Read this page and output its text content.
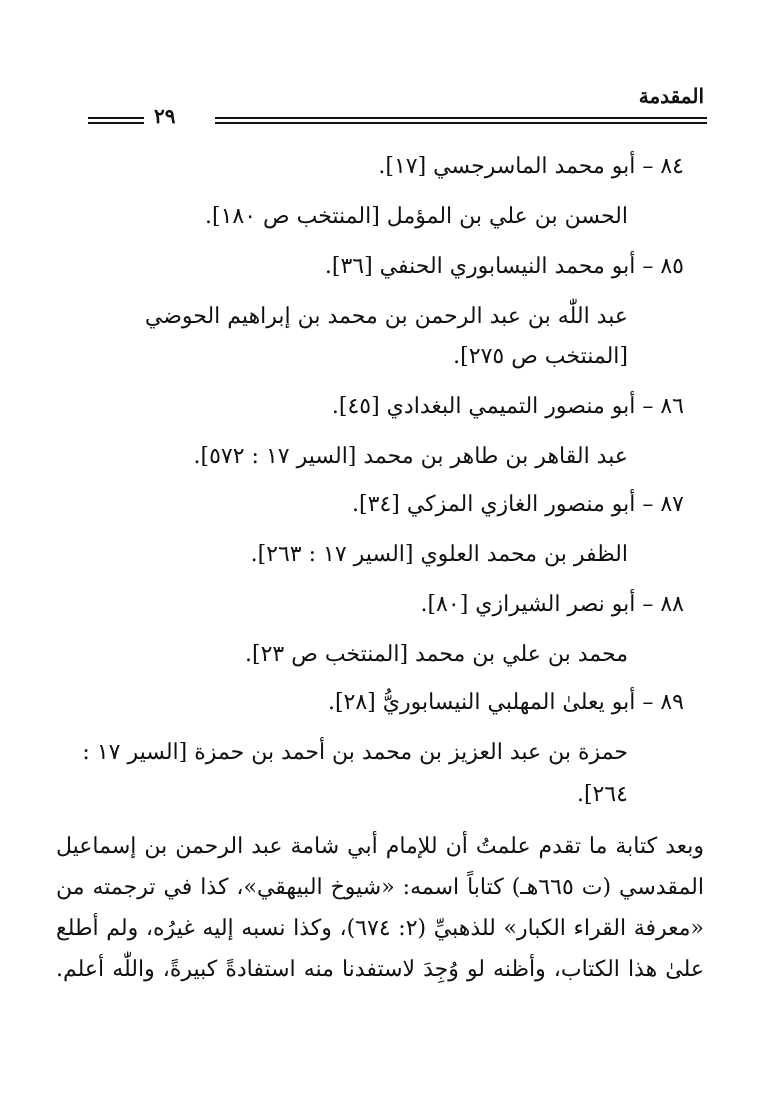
المقدمة
٢٩
٨٤ – أبو محمد الماسرجسي [١٧].
الحسن بن علي بن المؤمل [المنتخب ص ١٨٠].
٨٥ – أبو محمد النيسابوري الحنفي [٣٦].
عبد اللّٰه بن عبد الرحمن بن محمد بن إبراهيم الحوضي
[المنتخب ص ٢٧٥].
٨٦ – أبو منصور التميمي البغدادي [٤٥].
عبد القاهر بن طاهر بن محمد [السير ١٧ : ٥٧٢].
٨٧ – أبو منصور الغازي المزكي [٣٤].
الظفر بن محمد العلوي [السير ١٧ : ٢٦٣].
٨٨ – أبو نصر الشيرازي [٨٠].
محمد بن علي بن محمد [المنتخب ص ٢٣].
٨٩ – أبو يعلىٰ المهلبي النيسابوريُّ [٢٨].
حمزة بن عبد العزيز بن محمد بن أحمد بن حمزة [السير ١٧ :
٢٦٤].
وبعد كتابة ما تقدم علمتُ أن للإمام أبي شامة عبد الرحمن بن إسماعيل
المقدسي (ت ٦٦٥هـ) كتاباً اسمه: «شيوخ البيهقي»، كذا في ترجمته من
«معرفة القراء الكبار» للذهبيِّ (٢: ٦٧٤)، وكذا نسبه إليه غيرُه، ولم أطلع
علىٰ هذا الكتاب، وأظنه لو وُجِدَ لاستفدنا منه استفادةً كبيرةً، واللّٰه أعلم.
